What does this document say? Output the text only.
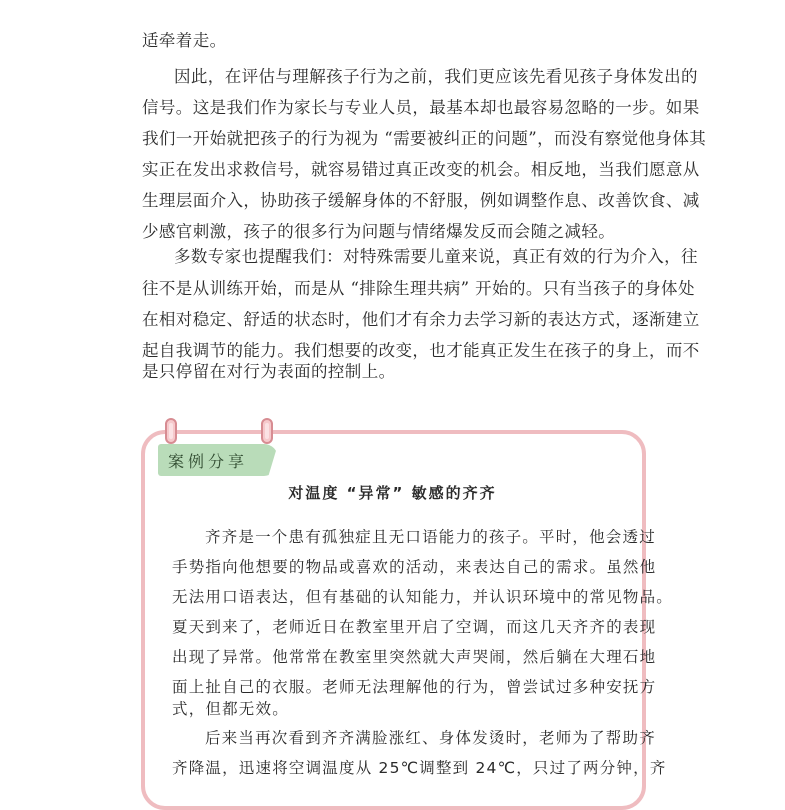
适牵着走。
因此，在评估与理解孩子行为之前，我们更应该先看见孩子身体发出的
信号。这是我们作为家长与专业人员，最基本却也最容易忽略的一步。如果
我们一开始就把孩子的行为视为 “需要被纠正的问题”，而没有察觉他身体其
实正在发出求救信号，就容易错过真正改变的机会。相反地，当我们愿意从
生理层面介入，协助孩子缓解身体的不舒服，例如调整作息、改善饮食、减
少感官刺激，孩子的很多行为问题与情绪爆发反而会随之减轻。
多数专家也提醒我们：对特殊需要儿童来说，真正有效的行为介入，往
往不是从训练开始，而是从 “排除生理共病” 开始的。只有当孩子的身体处
在相对稳定、舒适的状态时，他们才有余力去学习新的表达方式，逐渐建立
起自我调节的能力。我们想要的改变，也才能真正发生在孩子的身上，而不
是只停留在对行为表面的控制上。
案例分享
对温度 “异常” 敏感的齐齐
齐齐是一个患有孤独症且无口语能力的孩子。平时，他会透过
手势指向他想要的物品或喜欢的活动，来表达自己的需求。虽然他
无法用口语表达，但有基础的认知能力，并认识环境中的常见物品。
夏天到来了，老师近日在教室里开启了空调，而这几天齐齐的表现
出现了异常。他常常在教室里突然就大声哭闹，然后躺在大理石地
面上扯自己的衣服。老师无法理解他的行为，曾尝试过多种安抚方
式，但都无效。
后来当再次看到齐齐满脸涨红、身体发烫时，老师为了帮助齐
齐降温，迅速将空调温度从 25℃调整到 24℃，只过了两分钟，齐
